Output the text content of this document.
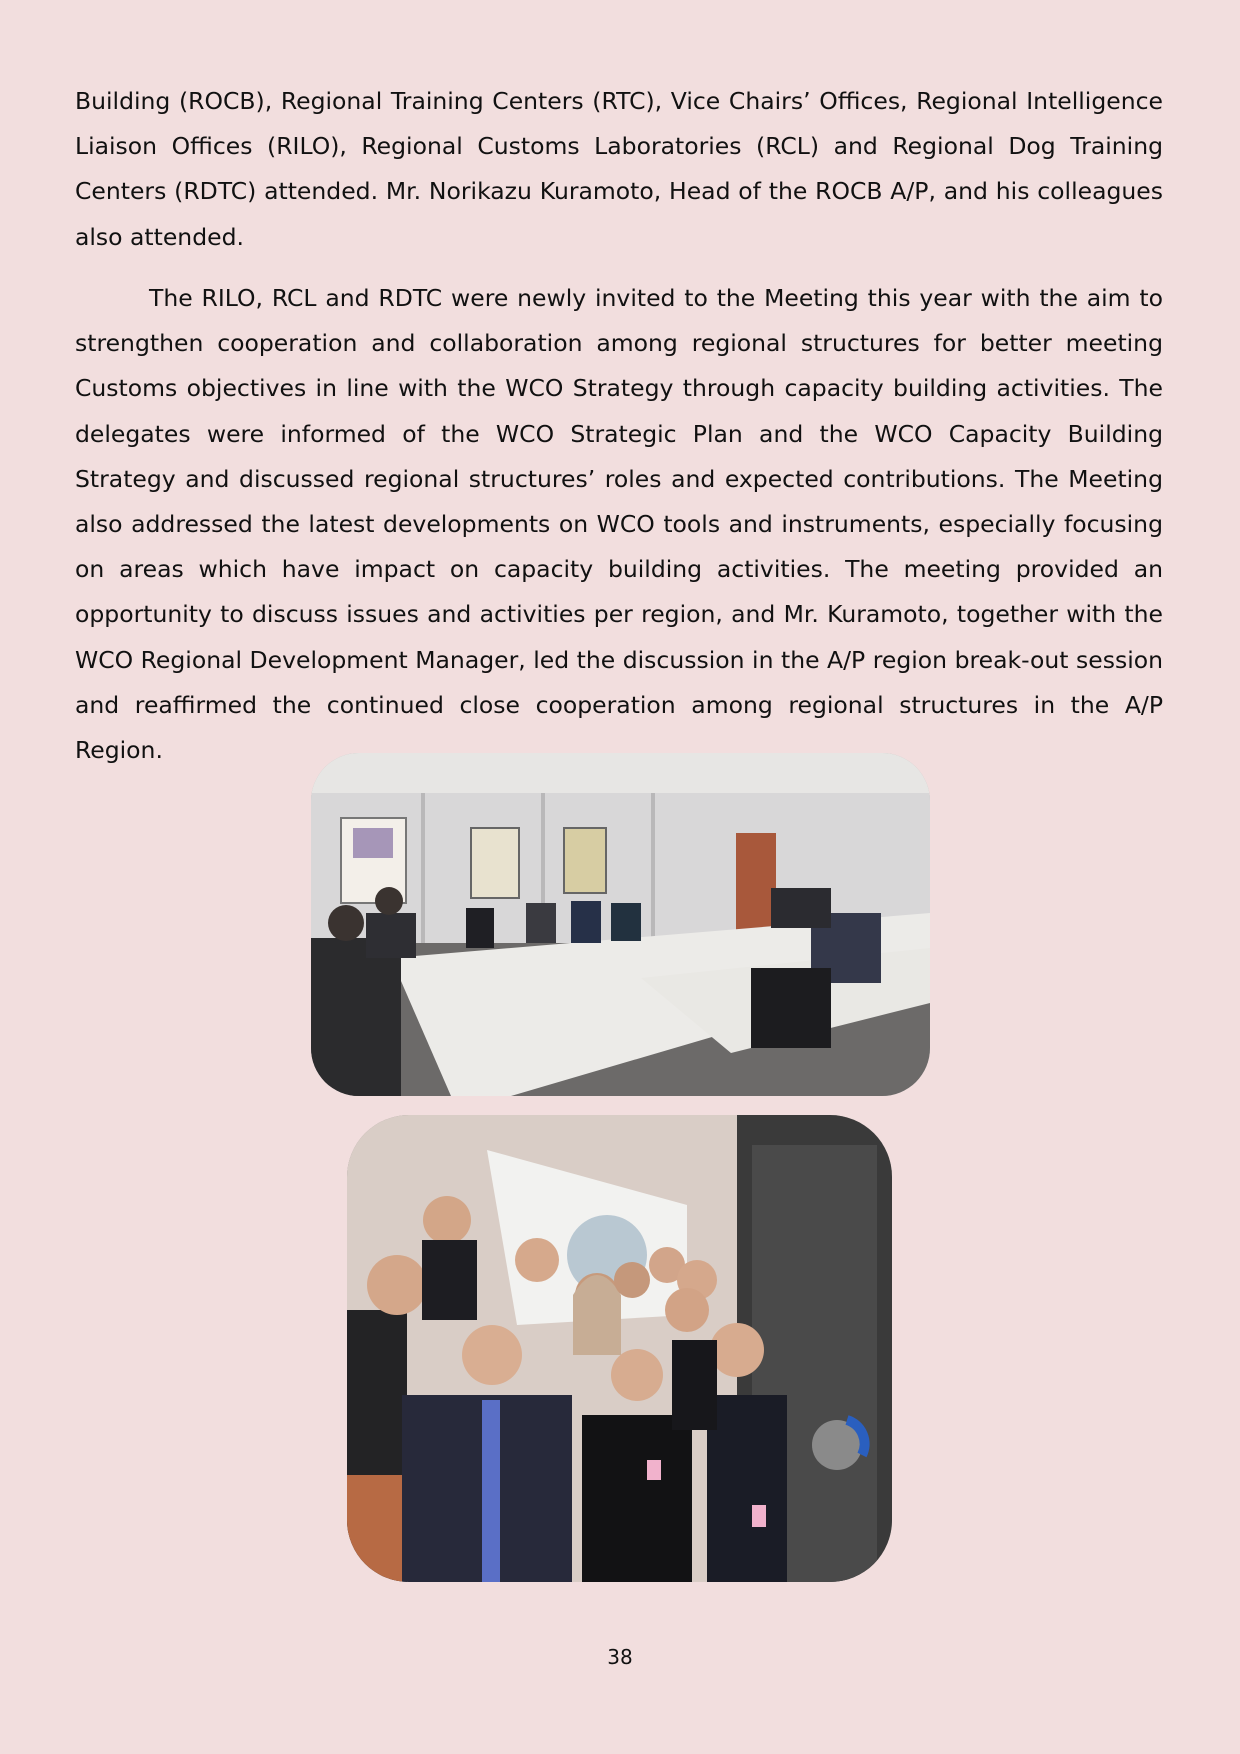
Building (ROCB), Regional Training Centers (RTC), Vice Chairs’ Offices, Regional Intelligence Liaison Offices (RILO), Regional Customs Laboratories (RCL) and Regional Dog Training Centers (RDTC) attended. Mr. Norikazu Kuramoto, Head of the ROCB A/P, and his colleagues also attended.

The RILO, RCL and RDTC were newly invited to the Meeting this year with the aim to strengthen cooperation and collaboration among regional structures for better meeting Customs objectives in line with the WCO Strategy through capacity building activities. The delegates were informed of the WCO Strategic Plan and the WCO Capacity Building Strategy and discussed regional structures’ roles and expected contributions. The Meeting also addressed the latest developments on WCO tools and instruments, especially focusing on areas which have impact on capacity building activities. The meeting provided an opportunity to discuss issues and activities per region, and Mr. Kuramoto, together with the WCO Regional Development Manager, led the discussion in the A/P region break-out session and reaffirmed the continued close cooperation among regional structures in the A/P Region.

38
